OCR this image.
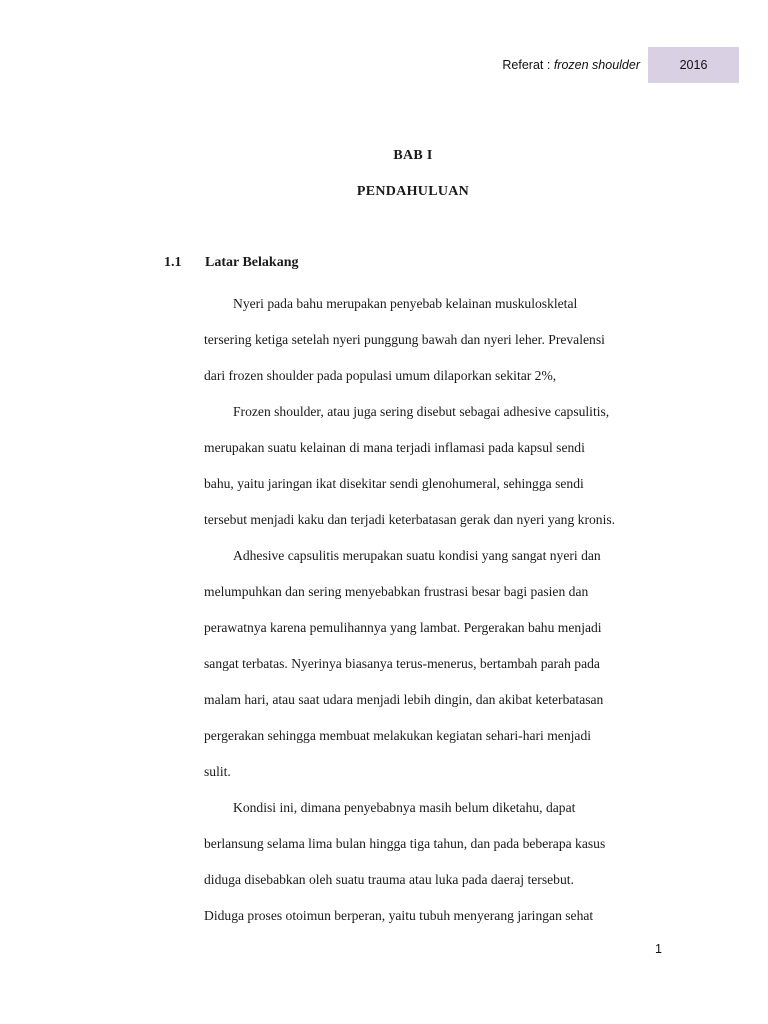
Referat : frozen shoulder	2016
BAB I
PENDAHULUAN
1.1 Latar Belakang
Nyeri pada bahu merupakan penyebab kelainan muskuloskletal
tersering ketiga setelah nyeri punggung bawah dan nyeri leher. Prevalensi
dari frozen shoulder pada populasi umum dilaporkan sekitar 2%,
Frozen shoulder, atau juga sering disebut sebagai adhesive capsulitis,
merupakan suatu kelainan di mana terjadi inflamasi pada kapsul sendi
bahu, yaitu jaringan ikat disekitar sendi glenohumeral, sehingga sendi
tersebut menjadi kaku dan terjadi keterbatasan gerak dan nyeri yang kronis.
Adhesive capsulitis merupakan suatu kondisi yang sangat nyeri dan
melumpuhkan dan sering menyebabkan frustrasi besar bagi pasien dan
perawatnya karena pemulihannya yang lambat. Pergerakan bahu menjadi
sangat terbatas. Nyerinya biasanya terus-menerus, bertambah parah pada
malam hari, atau saat udara menjadi lebih dingin, dan akibat keterbatasan
pergerakan sehingga membuat melakukan kegiatan sehari-hari menjadi
sulit.
Kondisi ini, dimana penyebabnya masih belum diketahu, dapat
berlansung selama lima bulan hingga tiga tahun, dan pada beberapa kasus
diduga disebabkan oleh suatu trauma atau luka pada daeraj tersebut.
Diduga proses otoimun berperan, yaitu tubuh menyerang jaringan sehat
1
